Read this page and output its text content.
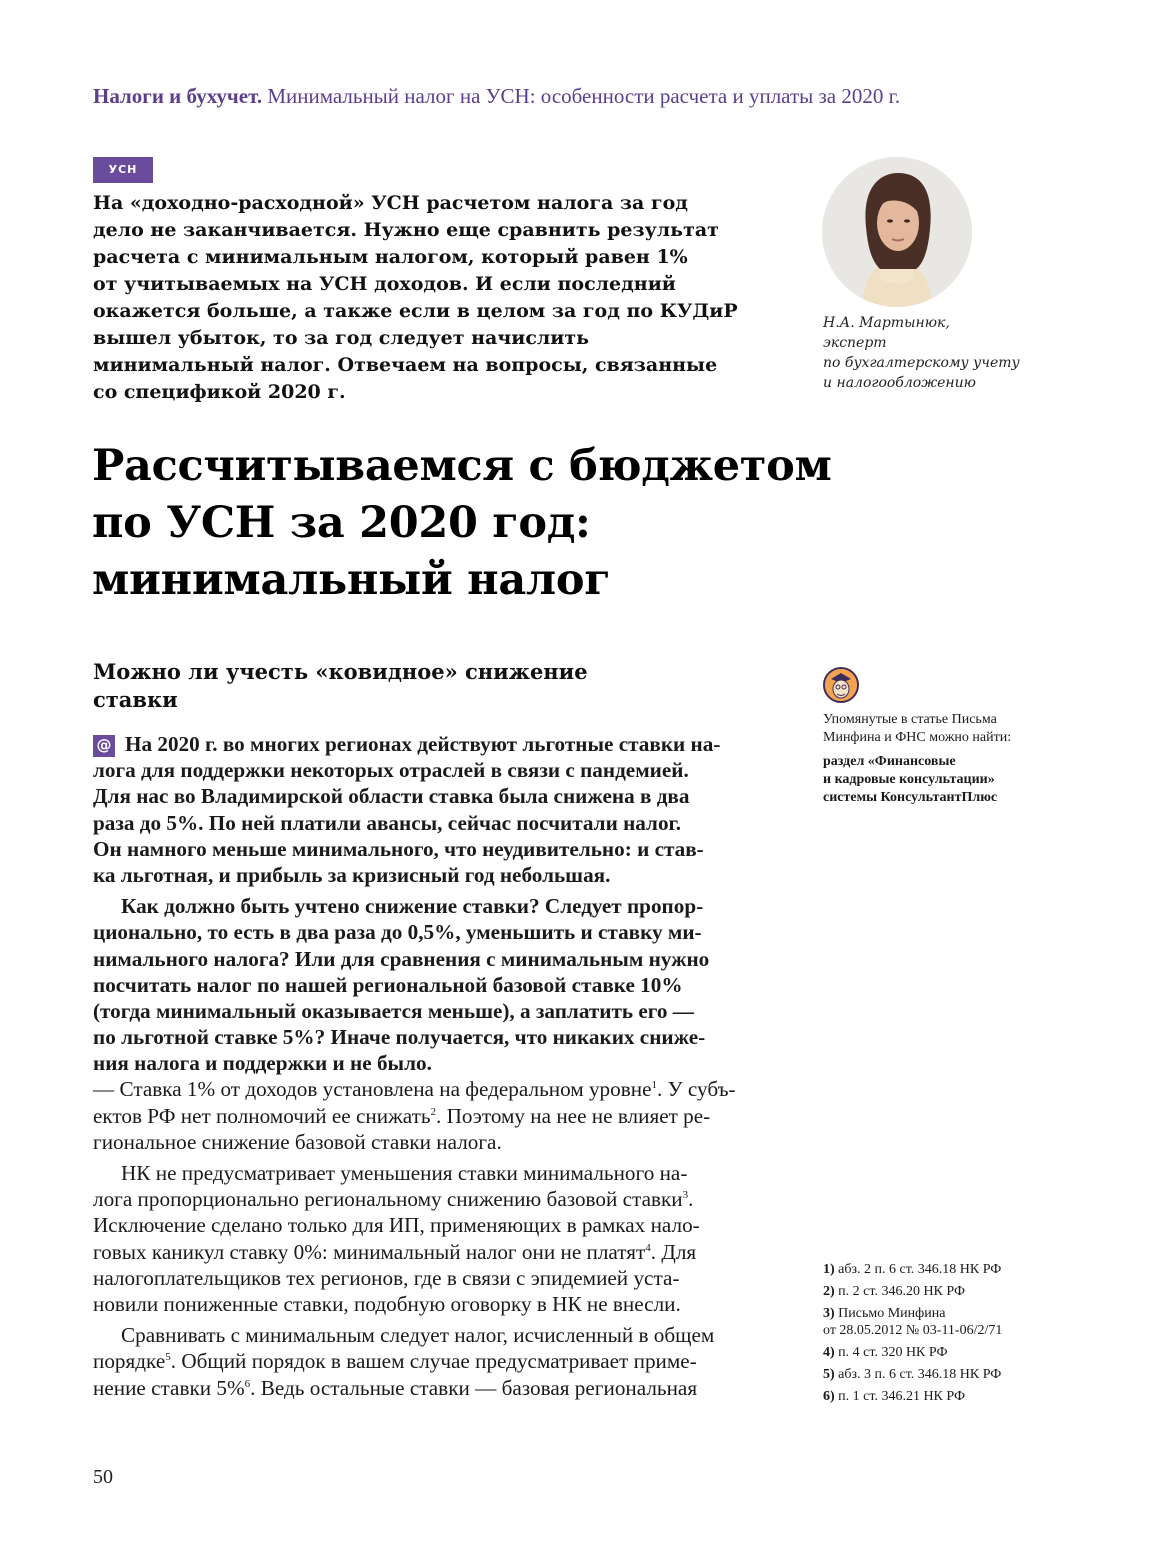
Налоги и бухучет. Минимальный налог на УСН: особенности расчета и уплаты за 2020 г.
УСН
На «доходно-расходной» УСН расчетом налога за год
дело не заканчивается. Нужно еще сравнить результат
расчета с минимальным налогом, который равен 1%
от учитываемых на УСН доходов. И если последний
окажется больше, а также если в целом за год по КУДиР
вышел убыток, то за год следует начислить
минимальный налог. Отвечаем на вопросы, связанные
со спецификой 2020 г.
Н.А. Мартынюк,
эксперт
по бухгалтерскому учету
и налогообложению
Рассчитываемся с бюджетом
по УСН за 2020 год:
минимальный налог
Можно ли учесть «ковидное» снижение
ставки
@ На 2020 г. во многих регионах действуют льготные ставки на-
лога для поддержки некоторых отраслей в связи с пандемией.
Для нас во Владимирской области ставка была снижена в два
раза до 5%. По ней платили авансы, сейчас посчитали налог.
Он намного меньше минимального, что неудивительно: и став-
ка льготная, и прибыль за кризисный год небольшая.
Как должно быть учтено снижение ставки? Следует пропор-
ционально, то есть в два раза до 0,5%, уменьшить и ставку ми-
нимального налога? Или для сравнения с минимальным нужно
посчитать налог по нашей региональной базовой ставке 10%
(тогда минимальный оказывается меньше), а заплатить его —
по льготной ставке 5%? Иначе получается, что никаких сниже-
ния налога и поддержки и не было.
— Ставка 1% от доходов установлена на федеральном уровне$^1$. У субъ-
ектов РФ нет полномочий ее снижать$^2$. Поэтому на нее не влияет ре-
гиональное снижение базовой ставки налога.
НК не предусматривает уменьшения ставки минимального на-
лога пропорционально региональному снижению базовой ставки$^3$.
Исключение сделано только для ИП, применяющих в рамках нало-
говых каникул ставку 0%: минимальный налог они не платят$^4$. Для
налогоплательщиков тех регионов, где в связи с эпидемией уста-
новили пониженные ставки, подобную оговорку в НК не внесли.
Сравнивать с минимальным следует налог, исчисленный в общем
порядке$^5$. Общий порядок в вашем случае предусматривает приме-
нение ставки 5%$^6$. Ведь остальные ставки — базовая региональная
Упомянутые в статье Письма
Минфина и ФНС можно найти:
раздел «Финансовые
и кадровые консультации»
системы КонсультантПлюс
1) абз. 2 п. 6 ст. 346.18 НК РФ
2) п. 2 ст. 346.20 НК РФ
3) Письмо Минфина
от 28.05.2012 № 03-11-06/2/71
4) п. 4 ст. 320 НК РФ
5) абз. 3 п. 6 ст. 346.18 НК РФ
6) п. 1 ст. 346.21 НК РФ
50
